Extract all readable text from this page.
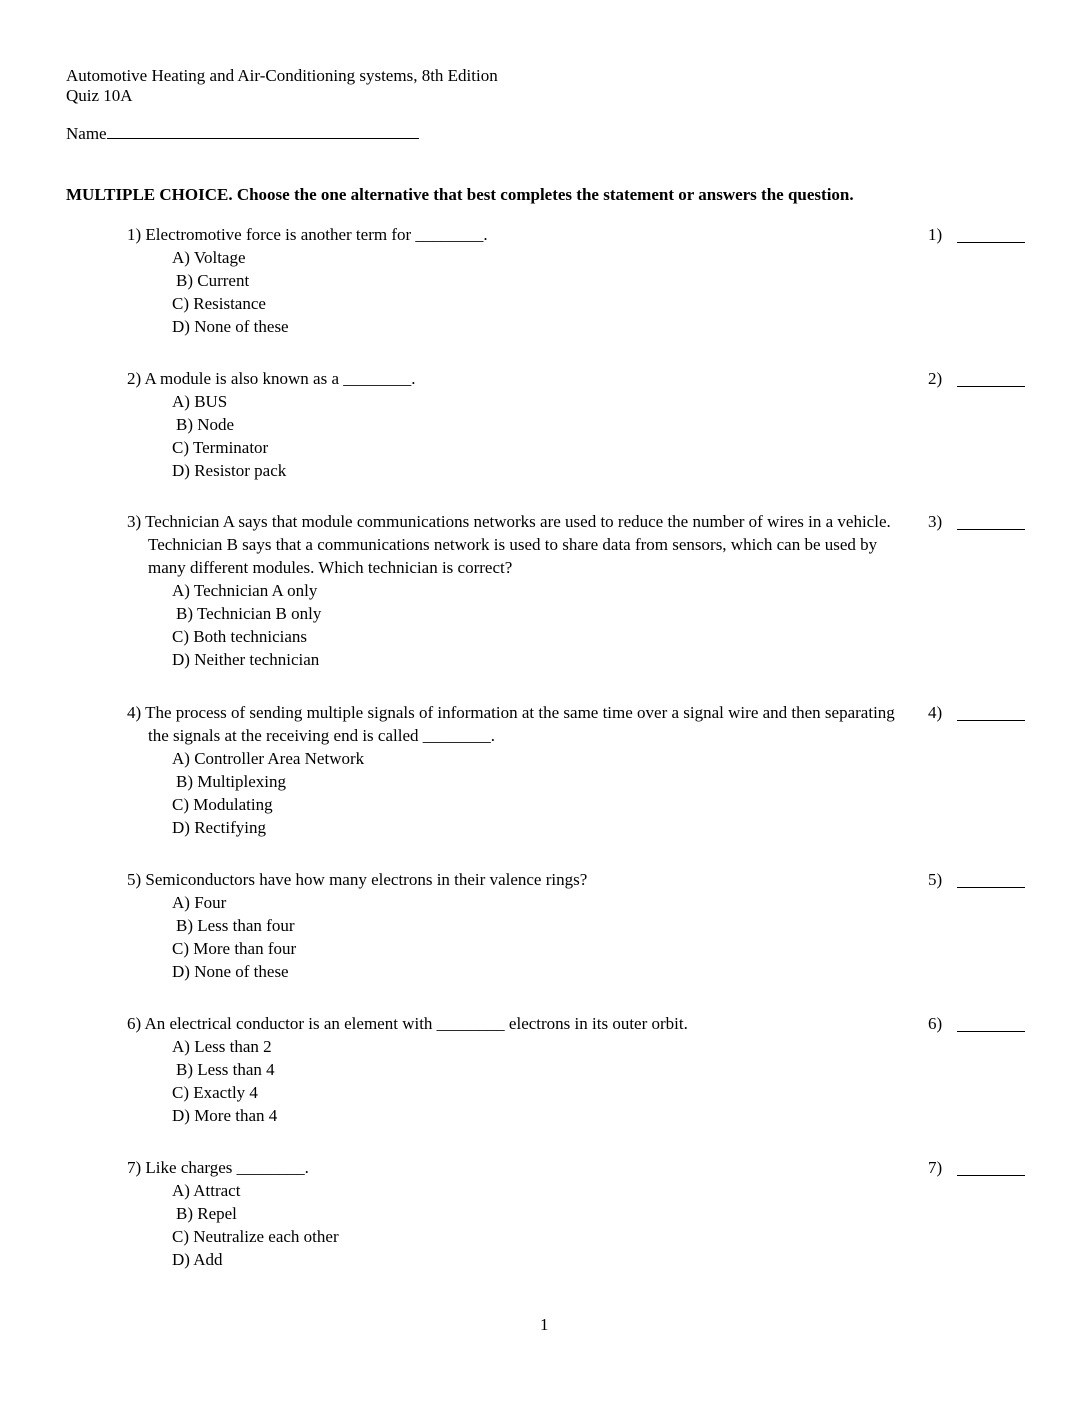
Automotive Heating and Air-Conditioning systems, 8th Edition
Quiz 10A
Name
MULTIPLE CHOICE. Choose the one alternative that best completes the statement or answers the question.
1) Electromotive force is another term for ________.
A) Voltage
B) Current
C) Resistance
D) None of these
1)
2) A module is also known as a ________.
A) BUS
B) Node
C) Terminator
D) Resistor pack
2)
3) Technician A says that module communications networks are used to reduce the number of wires in a vehicle. Technician B says that a communications network is used to share data from sensors, which can be used by many different modules. Which technician is correct?
A) Technician A only
B) Technician B only
C) Both technicians
D) Neither technician
3)
4) The process of sending multiple signals of information at the same time over a signal wire and then separating the signals at the receiving end is called ________.
A) Controller Area Network
B) Multiplexing
C) Modulating
D) Rectifying
4)
5) Semiconductors have how many electrons in their valence rings?
A) Four
B) Less than four
C) More than four
D) None of these
5)
6) An electrical conductor is an element with ________ electrons in its outer orbit.
A) Less than 2
B) Less than 4
C) Exactly 4
D) More than 4
6)
7) Like charges ________.
A) Attract
B) Repel
C) Neutralize each other
D) Add
7)
1
